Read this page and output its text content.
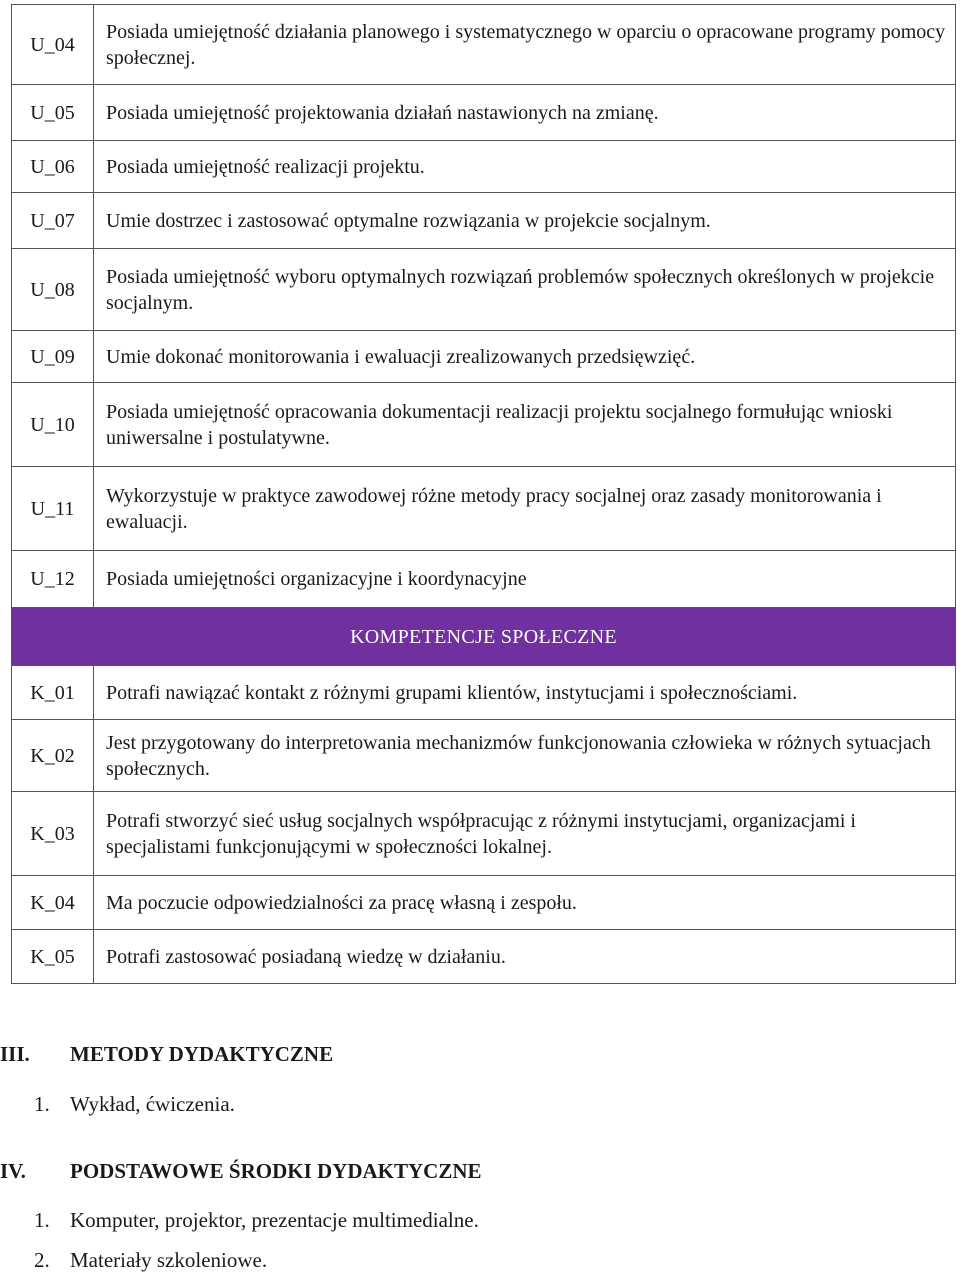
U_04	Posiada umiejętność działania planowego i systematycznego w oparciu o opracowane programy pomocy społecznej.
U_05	Posiada umiejętność projektowania działań nastawionych na zmianę.
U_06	Posiada umiejętność realizacji projektu.
U_07	Umie dostrzec i zastosować optymalne rozwiązania w projekcie socjalnym.
U_08	Posiada umiejętność wyboru optymalnych rozwiązań problemów społecznych określonych w projekcie socjalnym.
U_09	Umie dokonać monitorowania i ewaluacji zrealizowanych przedsięwzięć.
U_10	Posiada umiejętność opracowania dokumentacji realizacji projektu socjalnego formułując wnioski uniwersalne i postulatywne.
U_11	Wykorzystuje w praktyce zawodowej różne metody pracy socjalnej oraz zasady monitorowania i ewaluacji.
U_12	Posiada umiejętności organizacyjne i koordynacyjne
KOMPETENCJE SPOŁECZNE	
K_01	Potrafi nawiązać kontakt z różnymi grupami klientów, instytucjami i społecznościami.
K_02	Jest przygotowany do interpretowania mechanizmów funkcjonowania człowieka w różnych sytuacjach społecznych.
K_03	Potrafi stworzyć sieć usług socjalnych współpracując z różnymi instytucjami, organizacjami i specjalistami funkcjonującymi w społeczności lokalnej.
K_04	Ma poczucie odpowiedzialności za pracę własną i zespołu.
K_05	Potrafi zastosować posiadaną wiedzę w działaniu.
III.	METODY DYDAKTYCZNE
1. Wykład, ćwiczenia.
IV.	PODSTAWOWE ŚRODKI DYDAKTYCZNE
1. Komputer, projektor, prezentacje multimedialne.
2. Materiały szkoleniowe.
